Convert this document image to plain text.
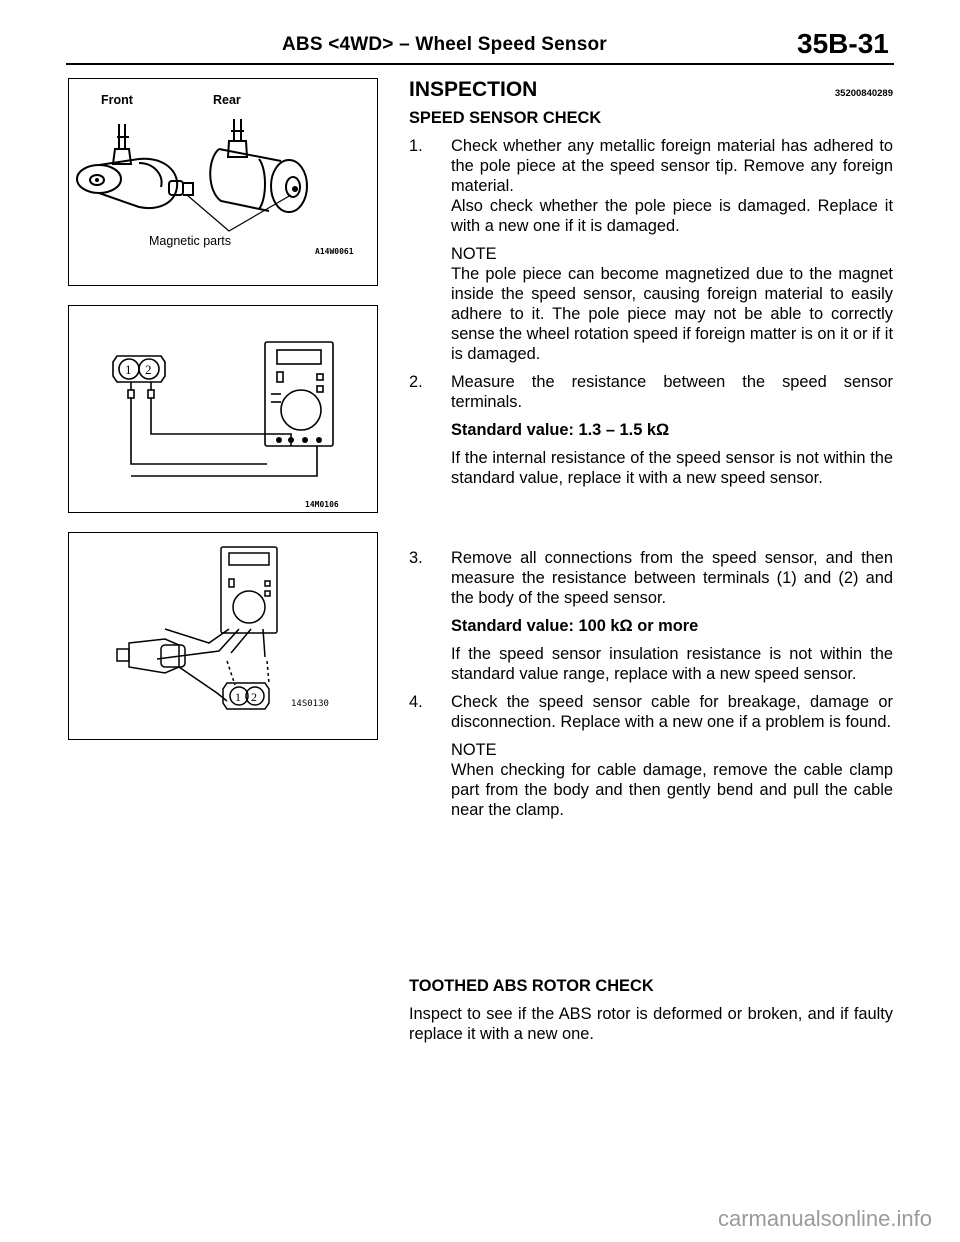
ABS <4WD> – Wheel Speed Sensor	35B-31
Front	Rear
Magnetic parts
A14W0061
1 2
14M0106
1 2	14S0130
INSPECTION	35200840289
SPEED SENSOR CHECK
1. Check whether any metallic foreign material has adhered to the pole piece at the speed sensor tip. Remove any foreign material.
Also check whether the pole piece is damaged. Replace it with a new one if it is damaged.
NOTE
The pole piece can become magnetized due to the magnet inside the speed sensor, causing foreign material to easily adhere to it. The pole piece may not be able to correctly sense the wheel rotation speed if foreign matter is on it or if it is damaged.
2. Measure the resistance between the speed sensor terminals.
Standard value: 1.3 – 1.5 kΩ
If the internal resistance of the speed sensor is not within the standard value, replace it with a new speed sensor.
3. Remove all connections from the speed sensor, and then measure the resistance between terminals (1) and (2) and the body of the speed sensor.
Standard value: 100 kΩ or more
If the speed sensor insulation resistance is not within the standard value range, replace with a new speed sensor.
4. Check the speed sensor cable for breakage, damage or disconnection. Replace with a new one if a problem is found.
NOTE
When checking for cable damage, remove the cable clamp part from the body and then gently bend and pull the cable near the clamp.
TOOTHED ABS ROTOR CHECK
Inspect to see if the ABS rotor is deformed or broken, and if faulty replace it with a new one.
carmanualsonline.info
